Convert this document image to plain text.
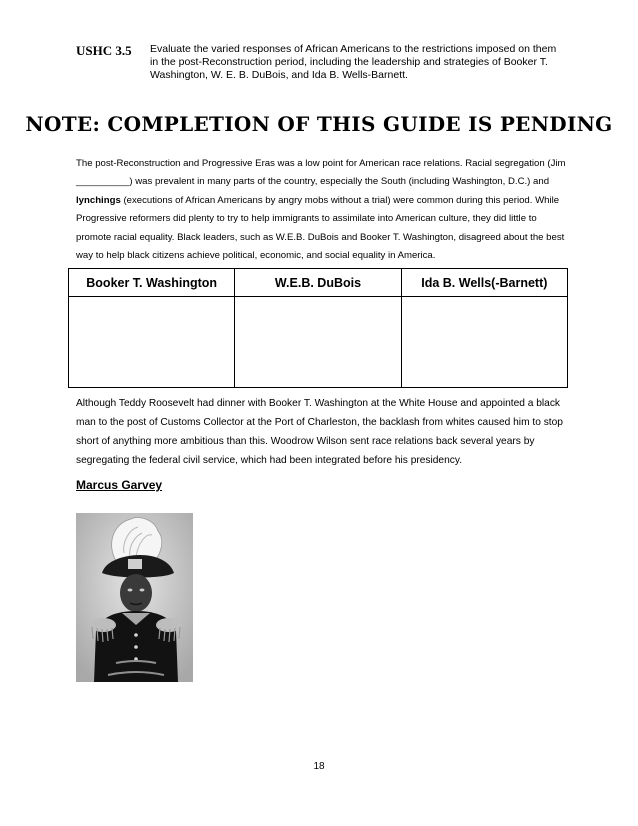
USHC 3.5	Evaluate the varied responses of African Americans to the restrictions imposed on them in the post-Reconstruction period, including the leadership and strategies of Booker T. Washington, W. E. B. DuBois, and Ida B. Wells-Barnett.
NOTE: COMPLETION OF THIS GUIDE IS PENDING

The post-Reconstruction and Progressive Eras was a low point for American race relations. Racial segregation (Jim __________) was prevalent in many parts of the country, especially the South (including Washington, D.C.) and lynchings (executions of African Americans by angry mobs without a trial) were common during this period. While Progressive reformers did plenty to try to help immigrants to assimilate into American culture, they did little to promote racial equality. Black leaders, such as W.E.B. DuBois and Booker T. Washington, disagreed about the best way to help black citizens achieve political, economic, and social equality in America.

Booker T. Washington	W.E.B. DuBois	Ida B. Wells(-Barnett)

Although Teddy Roosevelt had dinner with Booker T. Washington at the White House and appointed a black man to the post of Customs Collector at the Port of Charleston, the backlash from whites caused him to stop short of anything more ambitious than this. Woodrow Wilson sent race relations back several years by segregating the federal civil service, which had been integrated before his presidency.

Marcus Garvey
18
